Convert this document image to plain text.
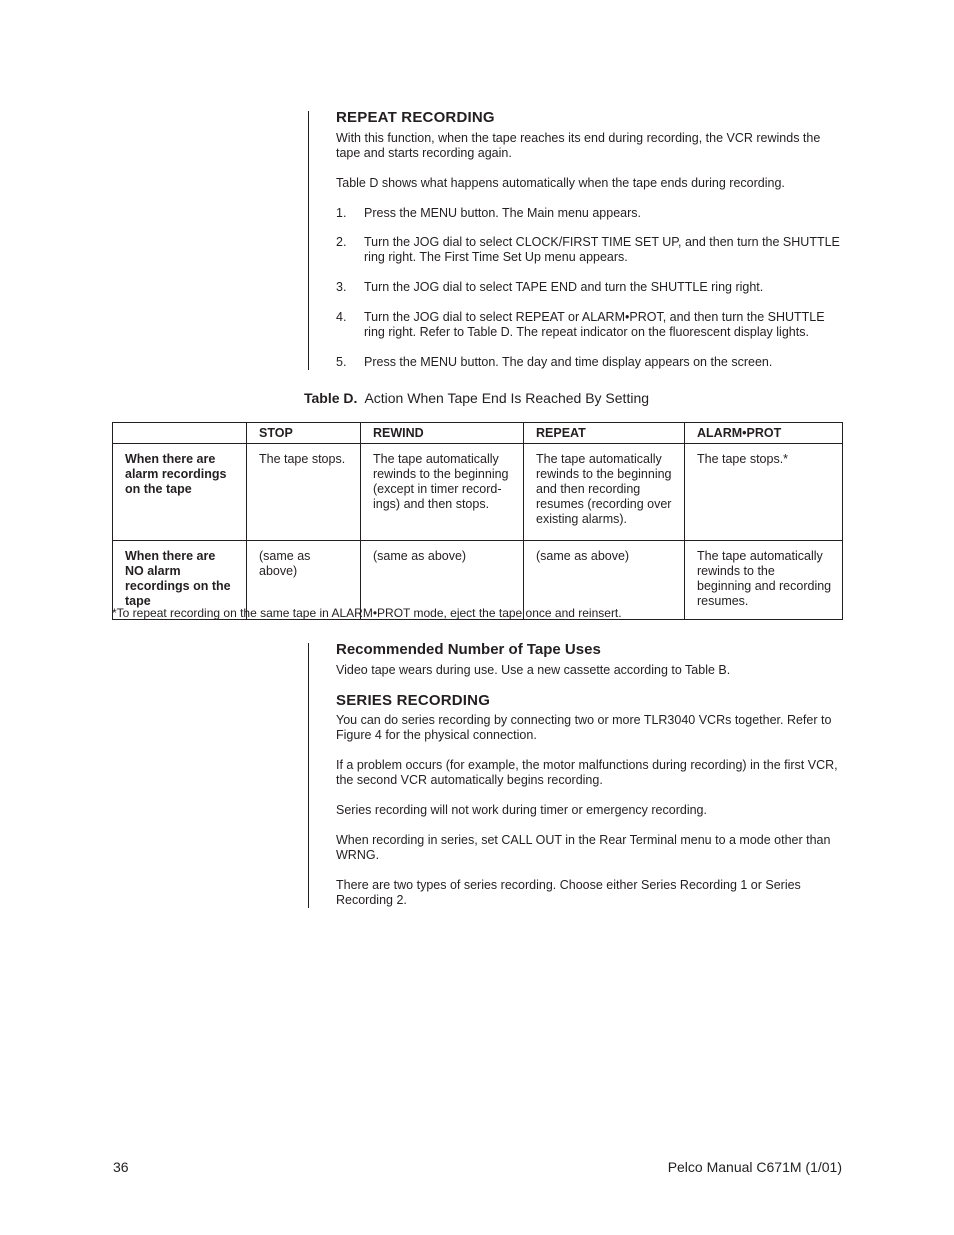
REPEAT RECORDING

With this function, when the tape reaches its end during recording, the VCR rewinds the tape and starts recording again.

Table D shows what happens automatically when the tape ends during recording.

1. Press the MENU button. The Main menu appears.
2. Turn the JOG dial to select CLOCK/FIRST TIME SET UP, and then turn the SHUTTLE ring right. The First Time Set Up menu appears.
3. Turn the JOG dial to select TAPE END and turn the SHUTTLE ring right.
4. Turn the JOG dial to select REPEAT or ALARM•PROT, and then turn the SHUTTLE ring right. Refer to Table D. The repeat indicator on the fluorescent display lights.
5. Press the MENU button. The day and time display appears on the screen.

Table D. Action When Tape End Is Reached By Setting

	STOP	REWIND	REPEAT	ALARM•PROT
When there are alarm recordings on the tape	The tape stops.	The tape automatically rewinds to the beginning (except in timer record-ings) and then stops.	The tape automatically rewinds to the beginning and then recording resumes (recording over existing alarms).	The tape stops.*
When there are NO alarm recordings on the tape	(same as above)	(same as above)	(same as above)	The tape automatically rewinds to the beginning and recording resumes.

*To repeat recording on the same tape in ALARM•PROT mode, eject the tape once and reinsert.

Recommended Number of Tape Uses

Video tape wears during use. Use a new cassette according to Table B.

SERIES RECORDING

You can do series recording by connecting two or more TLR3040 VCRs together. Refer to Figure 4 for the physical connection.

If a problem occurs (for example, the motor malfunctions during recording) in the first VCR, the second VCR automatically begins recording.

Series recording will not work during timer or emergency recording.

When recording in series, set CALL OUT in the Rear Terminal menu to a mode other than WRNG.

There are two types of series recording. Choose either Series Recording 1 or Series Recording 2.

36	Pelco Manual C671M (1/01)
